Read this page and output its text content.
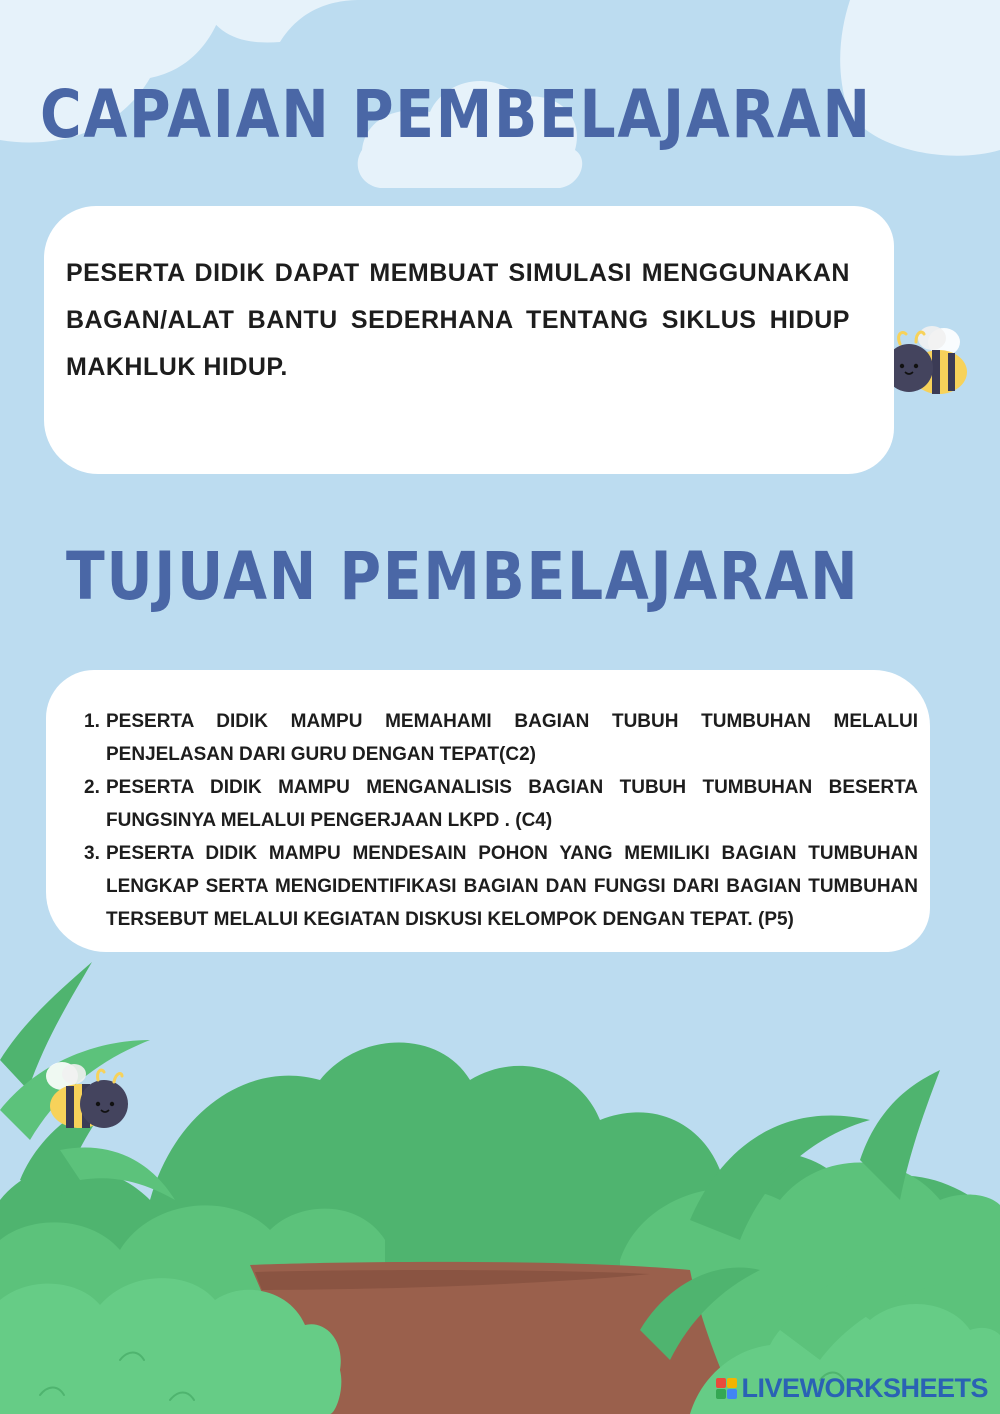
CAPAIAN PEMBELAJARAN

PESERTA DIDIK DAPAT MEMBUAT SIMULASI MENGGUNAKAN BAGAN/ALAT BANTU SEDERHANA TENTANG SIKLUS HIDUP MAKHLUK HIDUP.

TUJUAN PEMBELAJARAN
1. PESERTA DIDIK MAMPU MEMAHAMI BAGIAN TUBUH TUMBUHAN MELALUI PENJELASAN DARI GURU DENGAN TEPAT(C2)
2. PESERTA DIDIK MAMPU MENGANALISIS BAGIAN TUBUH TUMBUHAN BESERTA FUNGSINYA MELALUI PENGERJAAN LKPD . (C4)
3. PESERTA DIDIK MAMPU MENDESAIN POHON YANG MEMILIKI BAGIAN TUMBUHAN LENGKAP SERTA MENGIDENTIFIKASI BAGIAN DAN FUNGSI DARI BAGIAN TUMBUHAN TERSEBUT MELALUI KEGIATAN DISKUSI KELOMPOK DENGAN TEPAT. (P5)
LIVEWORKSHEETS
